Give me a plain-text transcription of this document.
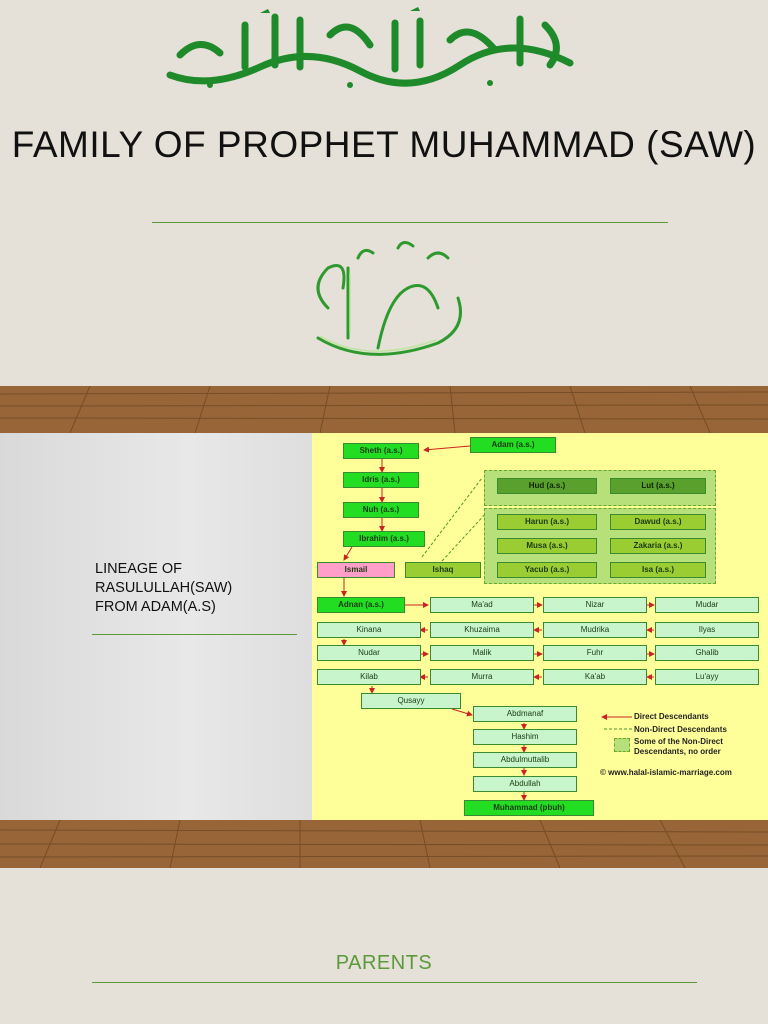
FAMILY OF PROPHET MUHAMMAD (SAW)
LINEAGE OF
RASULULLAH(SAW)
FROM ADAM(A.S)
Adam (a.s.)
Sheth (a.s.)
Idris (a.s.)
Nuh (a.s.)
Ibrahim (a.s.)
Ismail	Ishaq
Hud (a.s.)	Lut (a.s.)
Harun (a.s.)	Dawud (a.s.)
Musa (a.s.)	Zakaria (a.s.)
Yacub (a.s.)	Isa (a.s.)
Adnan (a.s.)	Ma'ad	Nizar	Mudar
Kinana	Khuzaima	Mudrika	Ilyas
Nudar	Malik	Fuhr	Ghalib
Kilab	Murra	Ka'ab	Lu'ayy
Qusayy
Abdmanaf
Hashim
Abdulmuttalib
Abdullah
Muhammad (pbuh)
Direct Descendants
Non-Direct Descendants
Some of the Non-Direct
Descendants, no order
© www.halal-islamic-marriage.com
PARENTS
